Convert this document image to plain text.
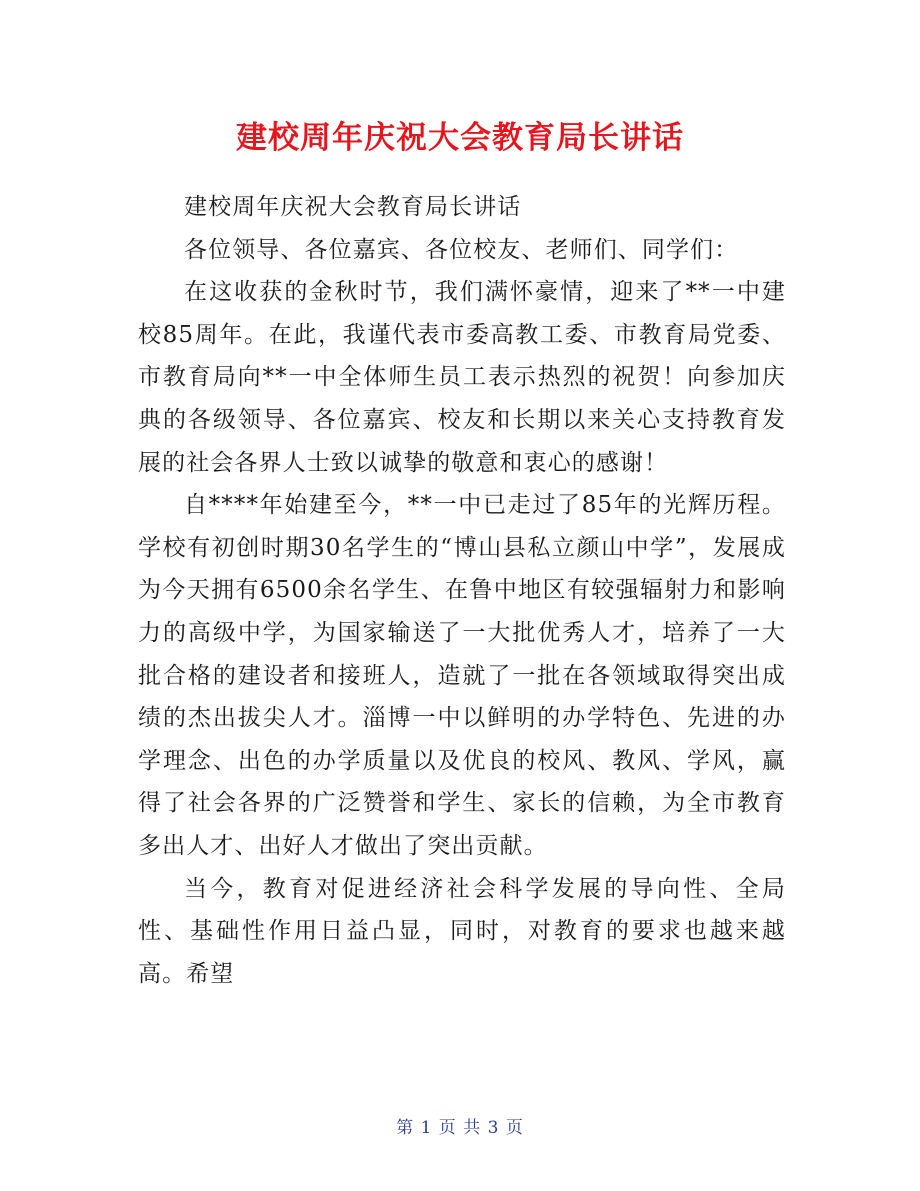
建校周年庆祝大会教育局长讲话

建校周年庆祝大会教育局长讲话

各位领导、各位嘉宾、各位校友、老师们、同学们：

在这收获的金秋时节，我们满怀豪情，迎来了**一中建校85周年。在此，我谨代表市委高教工委、市教育局党委、市教育局向**一中全体师生员工表示热烈的祝贺！向参加庆典的各级领导、各位嘉宾、校友和长期以来关心支持教育发展的社会各界人士致以诚挚的敬意和衷心的感谢！

自****年始建至今，**一中已走过了85年的光辉历程。学校有初创时期30名学生的“博山县私立颜山中学”，发展成为今天拥有6500余名学生、在鲁中地区有较强辐射力和影响力的高级中学，为国家输送了一大批优秀人才，培养了一大批合格的建设者和接班人，造就了一批在各领域取得突出成绩的杰出拔尖人才。淄博一中以鲜明的办学特色、先进的办学理念、出色的办学质量以及优良的校风、教风、学风，赢得了社会各界的广泛赞誉和学生、家长的信赖，为全市教育多出人才、出好人才做出了突出贡献。

当今，教育对促进经济社会科学发展的导向性、全局性、基础性作用日益凸显，同时，对教育的要求也越来越高。希望

第 1 页 共 3 页
